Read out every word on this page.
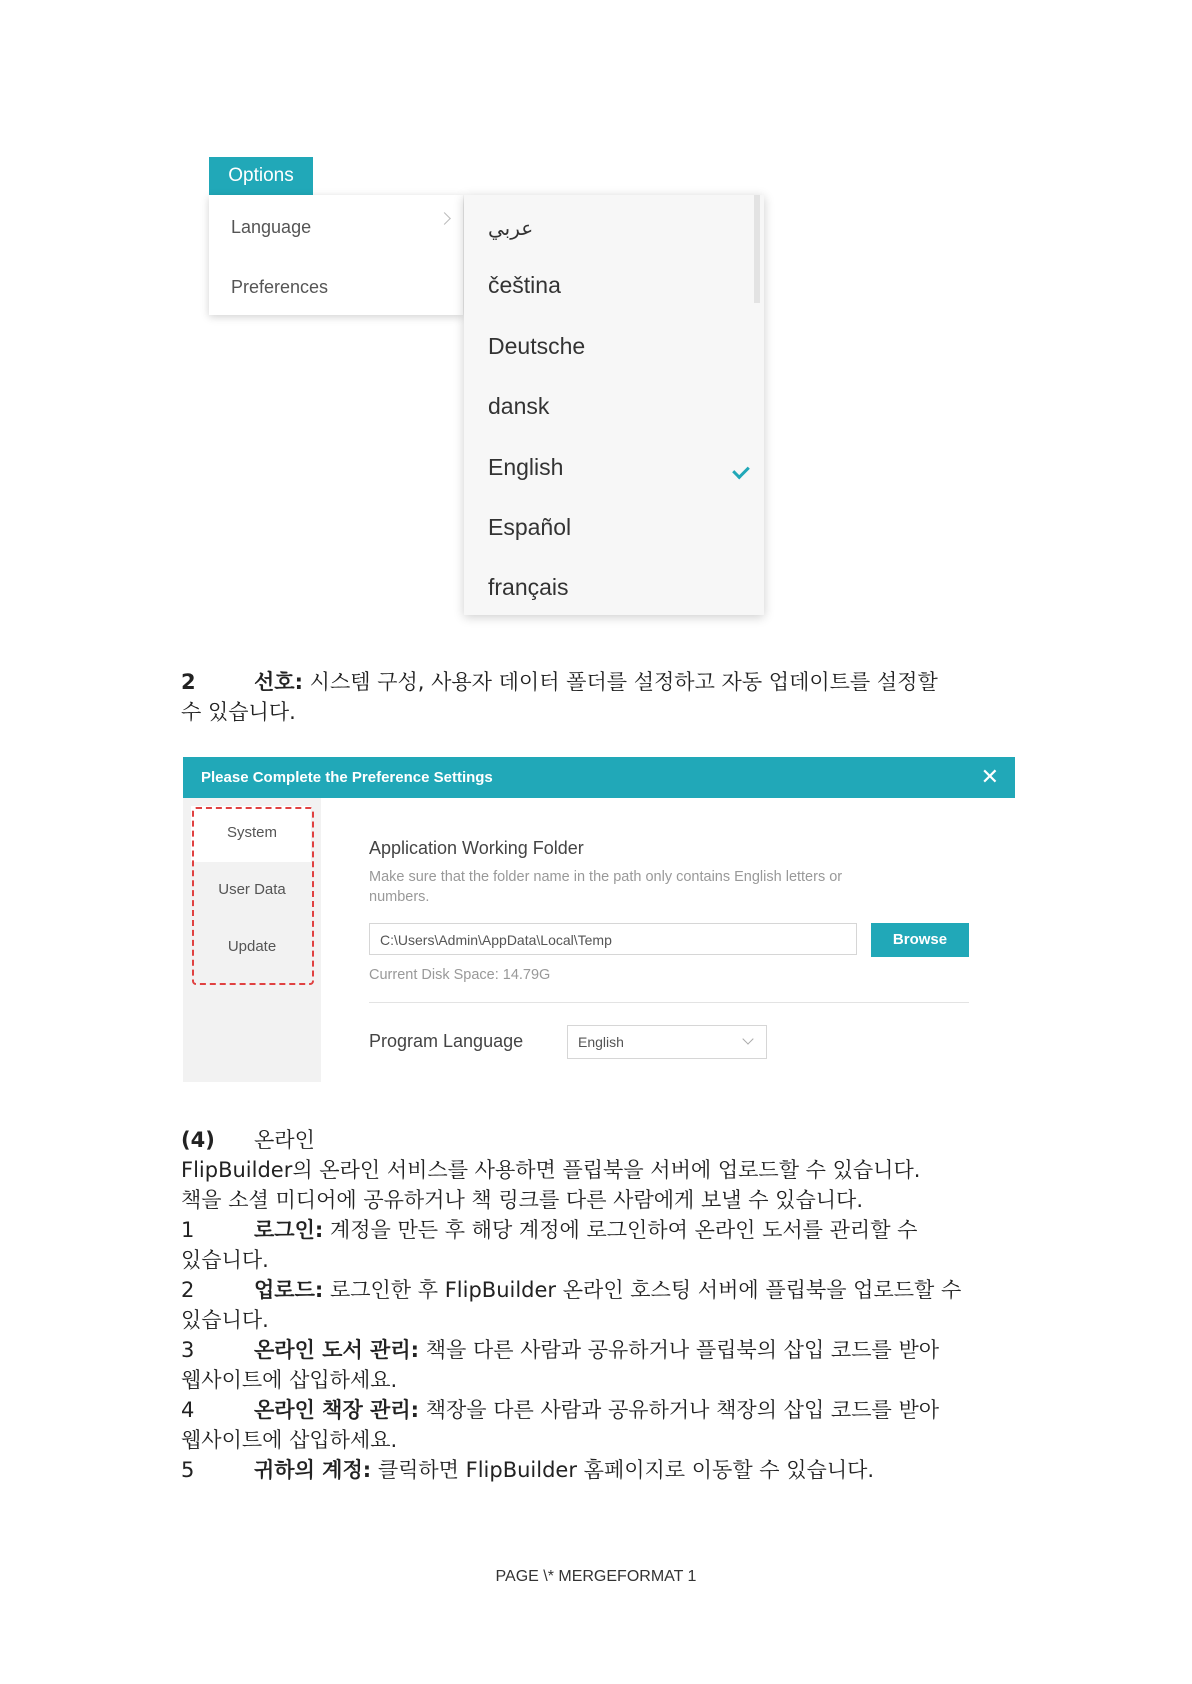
Options
Language
Preferences
عربي
čeština
Deutsche
dansk
English
Español
français
2	선호: 시스템 구성, 사용자 데이터 폴더를 설정하고 자동 업데이트를 설정할
수 있습니다.
Please Complete the Preference Settings	✕
System
User Data
Update
Application Working Folder
Make sure that the folder name in the path only contains English letters or
numbers.
C:\Users\Admin\AppData\Local\Temp	Browse
Current Disk Space: 14.79G
Program Language	English
(4) 온라인
FlipBuilder의 온라인 서비스를 사용하면 플립북을 서버에 업로드할 수 있습니다.
책을 소셜 미디어에 공유하거나 책 링크를 다른 사람에게 보낼 수 있습니다.
1	로그인: 계정을 만든 후 해당 계정에 로그인하여 온라인 도서를 관리할 수
있습니다.
2	업로드: 로그인한 후 FlipBuilder 온라인 호스팅 서버에 플립북을 업로드할 수
있습니다.
3	온라인 도서 관리: 책을 다른 사람과 공유하거나 플립북의 삽입 코드를 받아
웹사이트에 삽입하세요.
4	온라인 책장 관리: 책장을 다른 사람과 공유하거나 책장의 삽입 코드를 받아
웹사이트에 삽입하세요.
5	귀하의 계정: 클릭하면 FlipBuilder 홈페이지로 이동할 수 있습니다.
PAGE \* MERGEFORMAT 1
